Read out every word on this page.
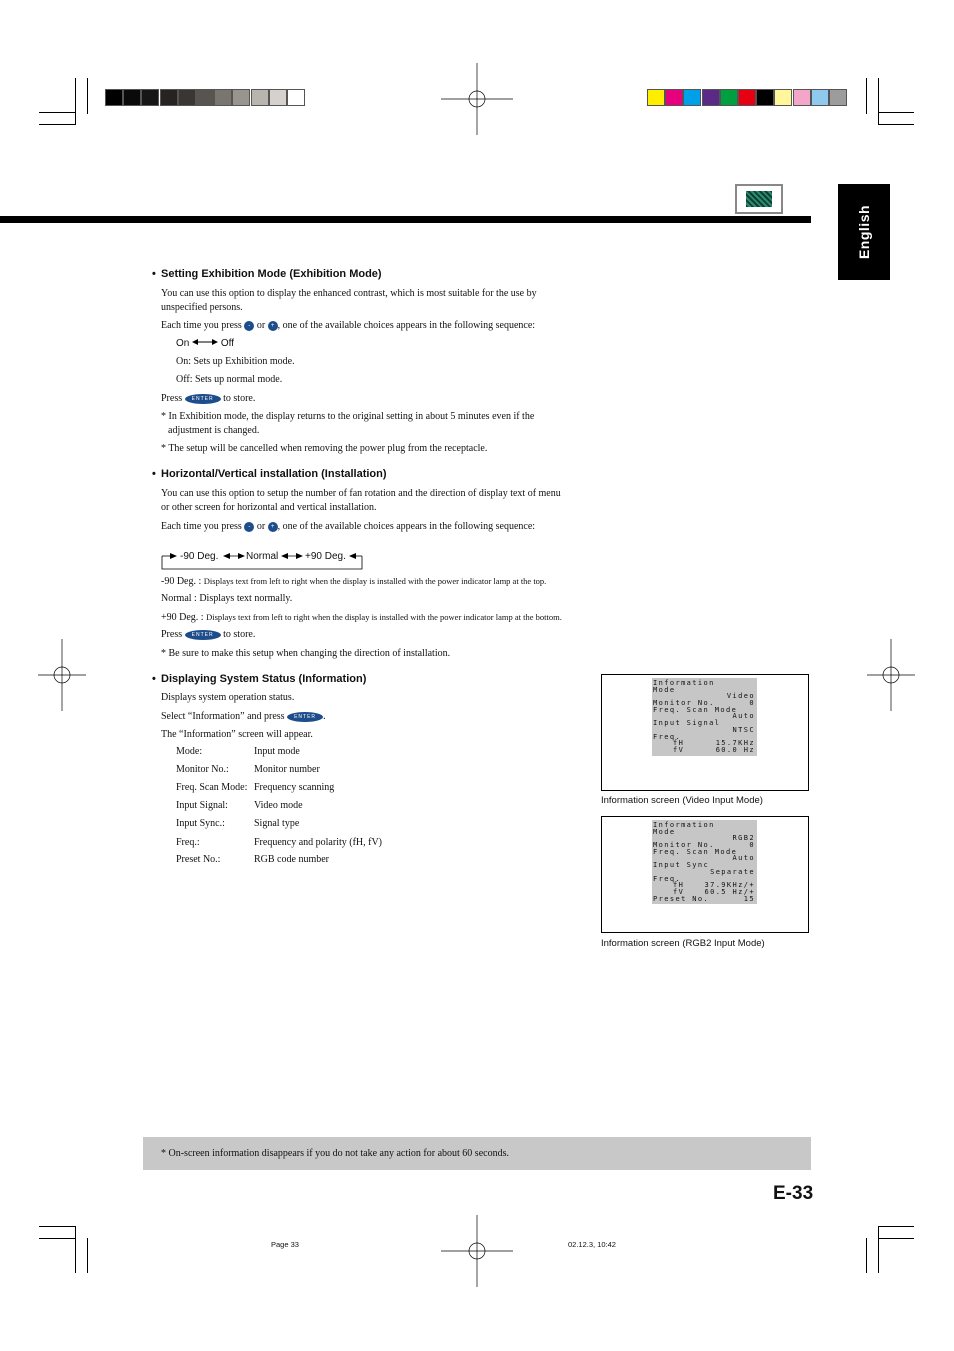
English
• Setting Exhibition Mode (Exhibition Mode)
You can use this option to display the enhanced contrast, which is most suitable for the use by
unspecified persons.
Each time you press - or + , one of the available choices appears in the following sequence:
On	Off
On: Sets up Exhibition mode.
Off: Sets up normal mode.
Press ENTER to store.
* In Exhibition mode, the display returns to the original setting in about 5 minutes even if the
adjustment is changed.
* The setup will be cancelled when removing the power plug from the receptacle.
• Horizontal/Vertical installation (Installation)
You can use this option to setup the number of fan rotation and the direction of display text of menu
or other screen for horizontal and vertical installation.
Each time you press - or + , one of the available choices appears in the following sequence:
-90 Deg.	Normal	+90 Deg.
-90 Deg. : Displays text from left to right when the display is installed with the power indicator lamp at the top.
Normal : Displays text normally.
+90 Deg. : Displays text from left to right when the display is installed with the power indicator lamp at the bottom.
Press ENTER to store.
* Be sure to make this setup when changing the direction of installation.
• Displaying System Status (Information)
Displays system operation status.
Select “Information” and press ENTER .
The “Information” screen will appear.
Mode:	Input mode
Monitor No.:	Monitor number
Freq. Scan Mode: Frequency scanning
Input Signal:	Video mode
Input Sync.:	Signal type
Freq.:	Frequency and polarity (fH, fV)
Preset No.:	RGB code number
Information
Mode
Video
Monitor No.	0
Freq. Scan Mode
Auto
Input Signal
NTSC
Freq.
fH	15.7KHz
fV	60.0 Hz
Information screen (Video Input Mode)
Information
Mode
RGB2
Monitor No.	0
Freq. Scan Mode
Auto
Input Sync
Separate
Freq.
fH	37.9KHz/+
fV	60.5 Hz/+
Preset No.	15
Information screen (RGB2 Input Mode)
* On-screen information disappears if you do not take any action for about 60 seconds.
E-33
Page 33	02.12.3, 10:42
